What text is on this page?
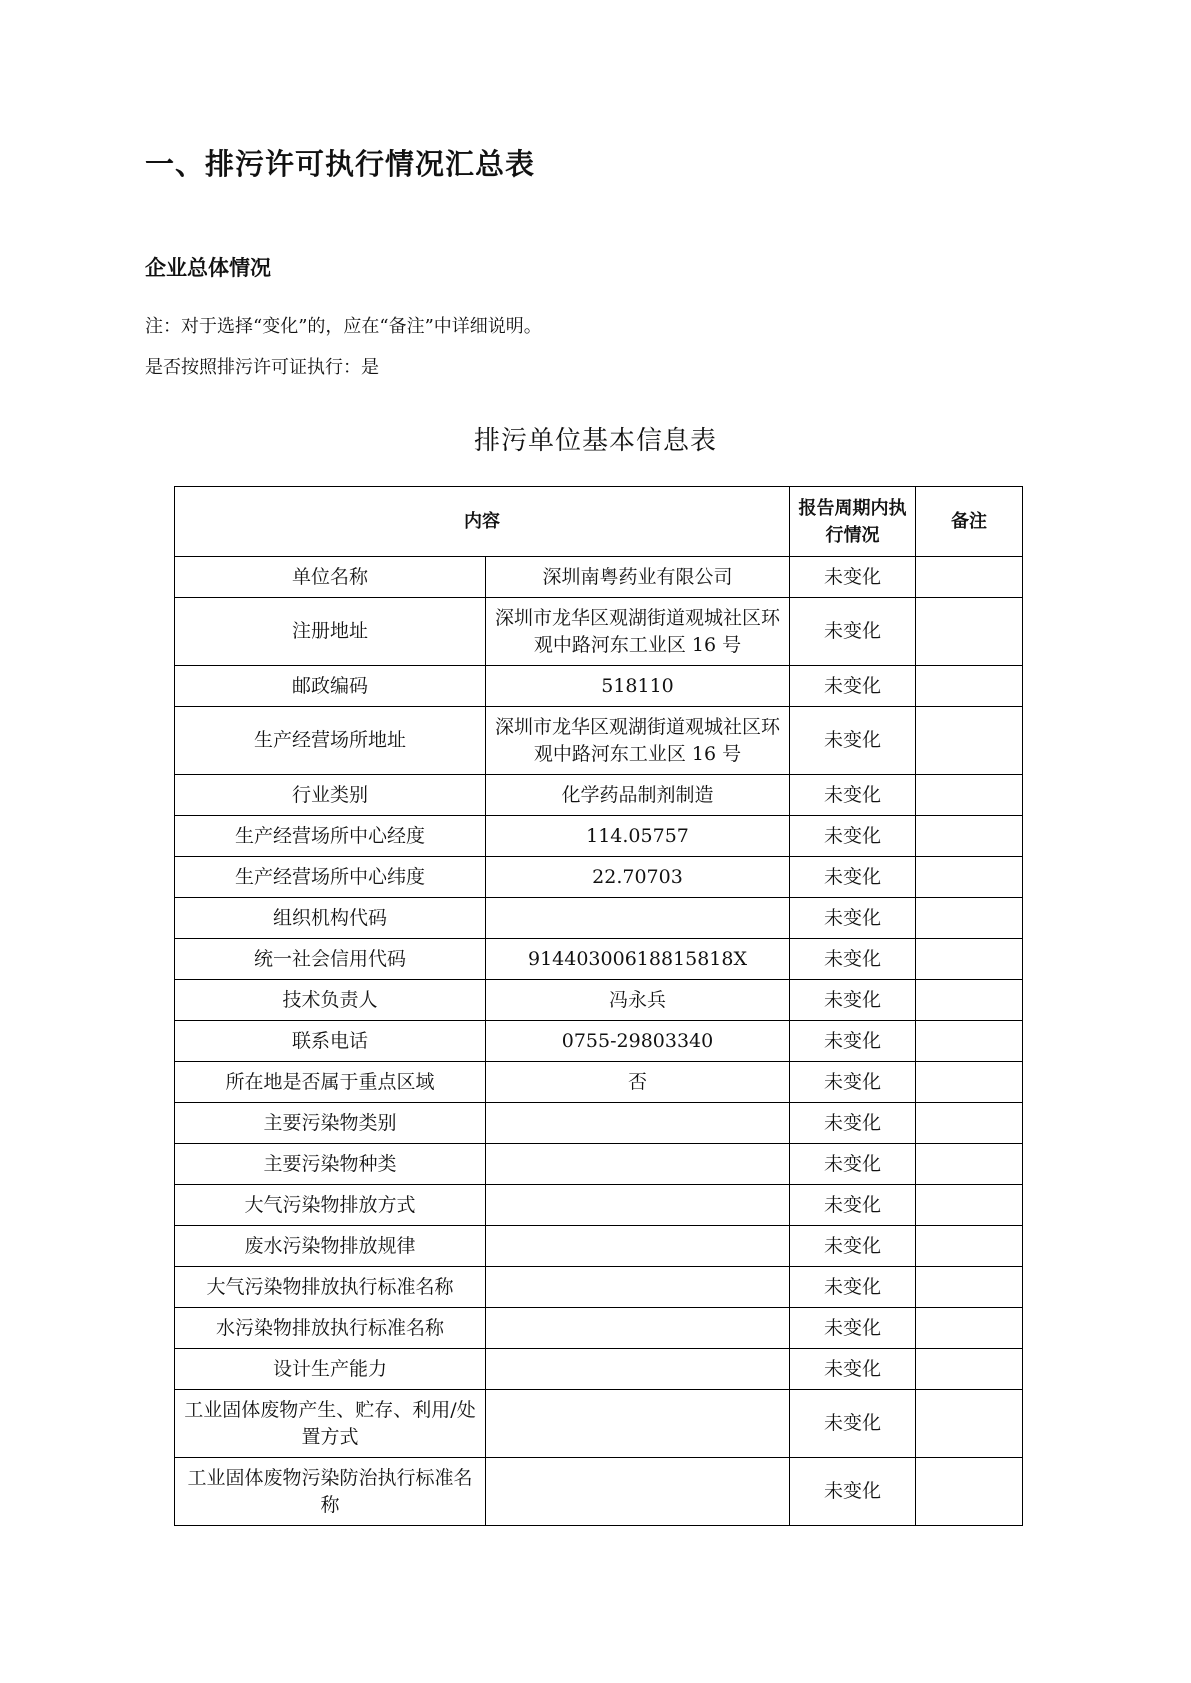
一、排污许可执行情况汇总表
企业总体情况
注：对于选择“变化”的，应在“备注”中详细说明。
是否按照排污许可证执行：是
排污单位基本信息表
内容		报告周期内执行情况	备注
单位名称	深圳南粤药业有限公司	未变化	
注册地址	深圳市龙华区观湖街道观城社区环观中路河东工业区 16 号	未变化	
邮政编码	518110	未变化	
生产经营场所地址	深圳市龙华区观湖街道观城社区环观中路河东工业区 16 号	未变化	
行业类别	化学药品制剂制造	未变化	
生产经营场所中心经度	114.05757	未变化	
生产经营场所中心纬度	22.70703	未变化	
组织机构代码		未变化	
统一社会信用代码	91440300618815818X	未变化	
技术负责人	冯永兵	未变化	
联系电话	0755-29803340	未变化	
所在地是否属于重点区域	否	未变化	
主要污染物类别		未变化	
主要污染物种类		未变化	
大气污染物排放方式		未变化	
废水污染物排放规律		未变化	
大气污染物排放执行标准名称		未变化	
水污染物排放执行标准名称		未变化	
设计生产能力		未变化	
工业固体废物产生、贮存、利用/处置方式		未变化	
工业固体废物污染防治执行标准名称		未变化	
